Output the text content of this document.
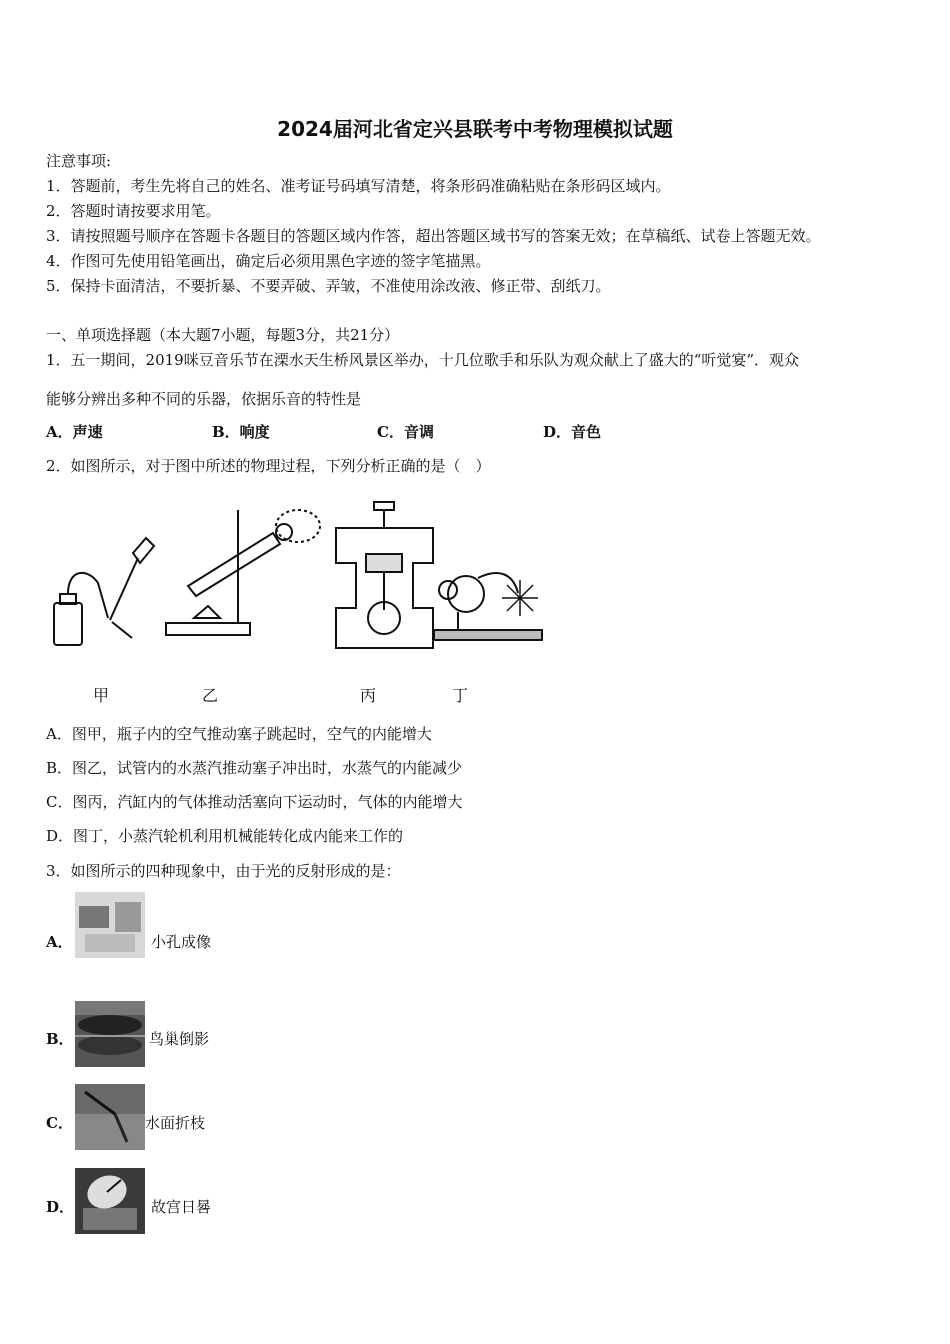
2024届河北省定兴县联考中考物理模拟试题
注意事项:
1．答题前，考生先将自己的姓名、准考证号码填写清楚，将条形码准确粘贴在条形码区域内。
2．答题时请按要求用笔。
3．请按照题号顺序在答题卡各题目的答题区域内作答，超出答题区域书写的答案无效；在草稿纸、试卷上答题无效。
4．作图可先使用铅笔画出，确定后必须用黑色字迹的签字笔描黑。
5．保持卡面清洁，不要折暴、不要弄破、弄皱，不准使用涂改液、修正带、刮纸刀。
一、单项选择题（本大题7小题，每题3分，共21分）
1．五一期间，2019咪豆音乐节在溧水天生桥风景区举办，十几位歌手和乐队为观众献上了盛大的“听觉宴”．观众
能够分辨出多种不同的乐器，依据乐音的特性是
A．声速	B．响度	C．音调	D．音色
2．如图所示，对于图中所述的物理过程，下列分析正确的是（　）
甲	乙	丙	丁
A．图甲，瓶子内的空气推动塞子跳起时，空气的内能增大
B．图乙，试管内的水蒸汽推动塞子冲出时，水蒸气的内能减少
C．图丙，汽缸内的气体推动活塞向下运动时，气体的内能增大
D．图丁，小蒸汽轮机利用机械能转化成内能来工作的
3．如图所示的四种现象中，由于光的反射形成的是：
A．	小孔成像
B．	鸟巢倒影
C．	水面折枝
D．	故宫日晷
